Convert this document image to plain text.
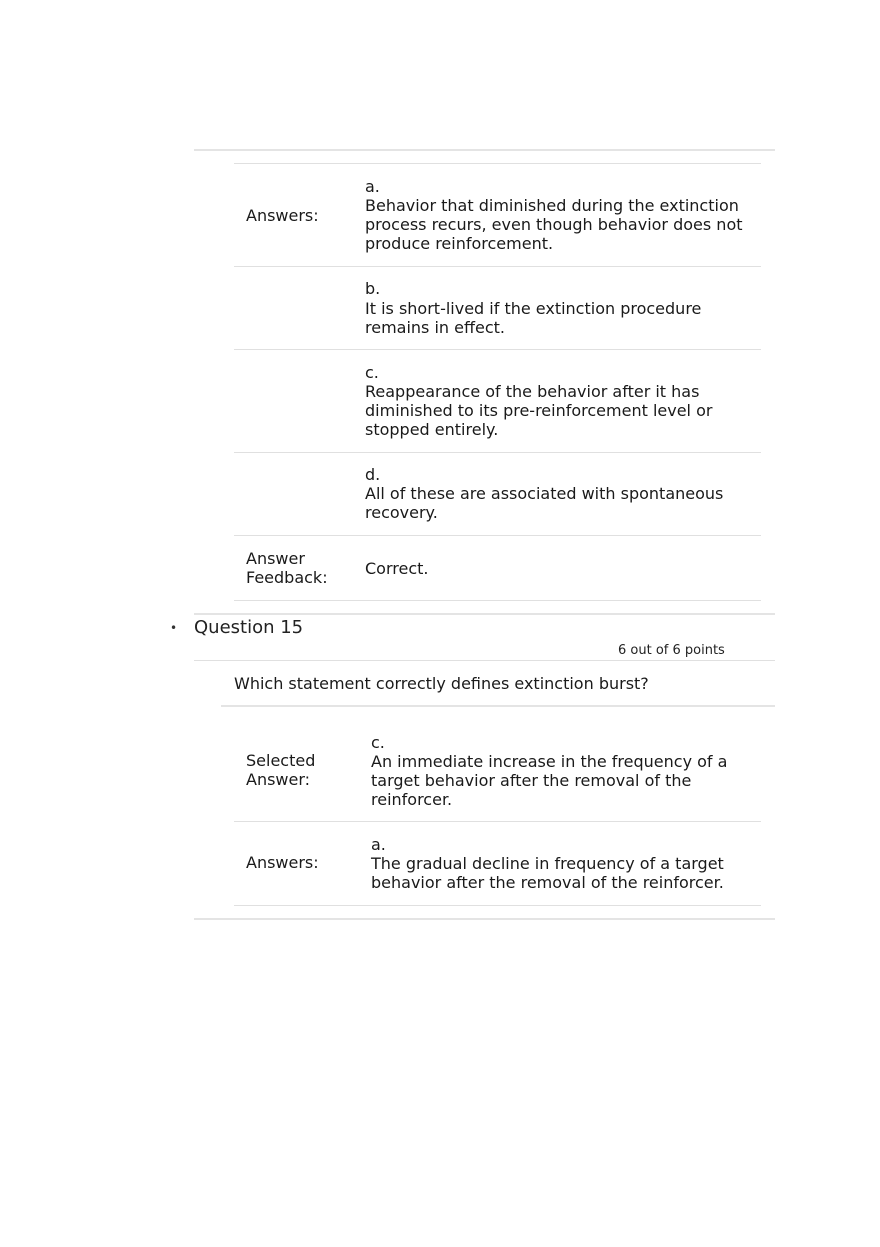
Answers:
a.
Behavior that diminished during the extinction
process recurs, even though behavior does not
produce reinforcement.
b.
It is short-lived if the extinction procedure
remains in effect.
c.
Reappearance of the behavior after it has
diminished to its pre-reinforcement level or
stopped entirely.
d.
All of these are associated with spontaneous
recovery.
Answer
Feedback: Correct.
• Question 15
6 out of 6 points
Which statement correctly defines extinction burst?
Selected
Answer:
c.
An immediate increase in the frequency of a
target behavior after the removal of the
reinforcer.
Answers:
a.
The gradual decline in frequency of a target
behavior after the removal of the reinforcer.
